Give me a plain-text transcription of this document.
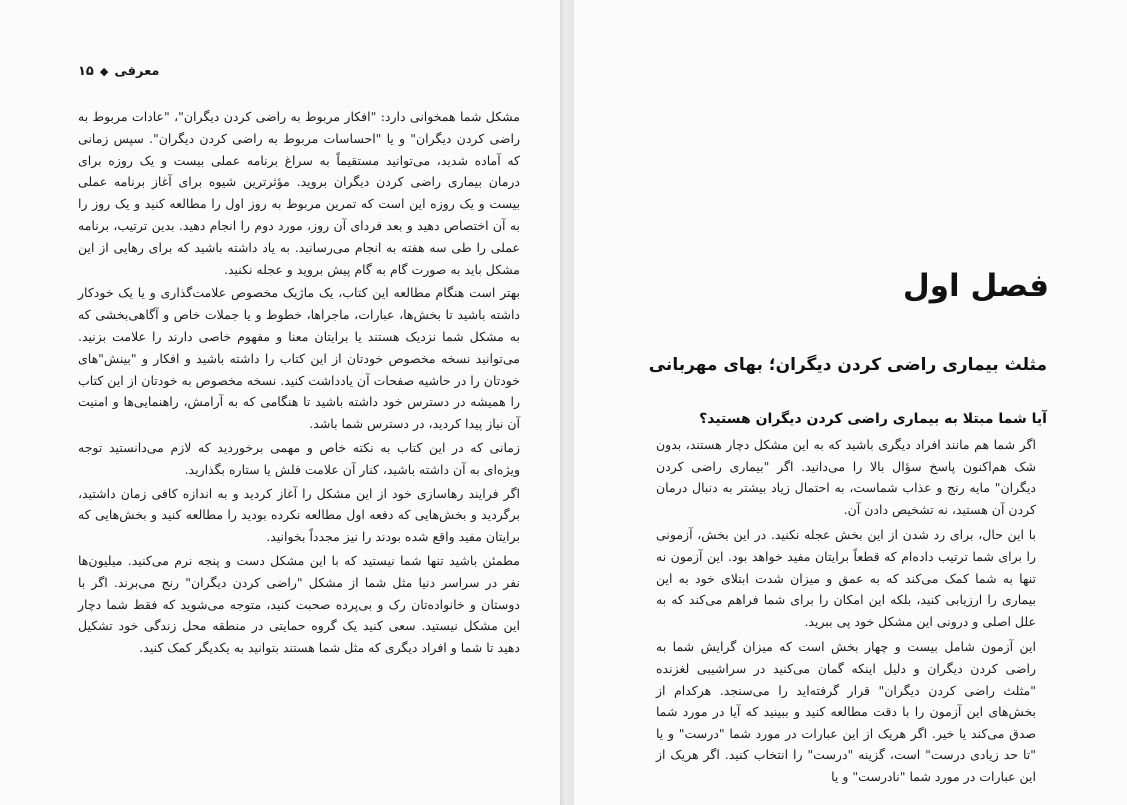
معرفی
◆
۱۵

مشکل شما همخوانی دارد: "افکار مربوط به راضی کردن دیگران"، "عادات مربوط به راضی کردن دیگران" و یا "احساسات مربوط به راضی کردن دیگران". سپس زمانی که آماده شدید، می‌توانید مستقیماً به سراغ برنامه عملی بیست و یک روزه برای درمان بیماری راضی کردن دیگران بروید. مؤثرترین شیوه برای آغاز برنامه عملی بیست و یک روزه این است که تمرین مربوط به روز اول را مطالعه کنید و یک روز را به آن اختصاص دهید و بعد فردای آن روز، مورد دوم را انجام دهید. بدین ترتیب، برنامه عملی را طی سه هفته به انجام می‌رسانید. به یاد داشته باشید که برای رهایی از این مشکل باید به صورت گام به گام پیش بروید و عجله نکنید.

بهتر است هنگام مطالعه این کتاب، یک ماژیک مخصوص علامت‌گذاری و یا یک خودکار داشته باشید تا بخش‌ها، عبارات، ماجراها، خطوط و یا جملات خاص و آگاهی‌بخشی که به مشکل شما نزدیک هستند یا برایتان معنا و مفهوم خاصی دارند را علامت بزنید. می‌توانید نسخه مخصوص خودتان از این کتاب را داشته باشید و افکار و "بینش"های خودتان را در حاشیه صفحات آن یادداشت کنید. نسخه مخصوص به خودتان از این کتاب را همیشه در دسترس خود داشته باشید تا هنگامی که به آرامش، راهنمایی‌ها و امنیت آن نیاز پیدا کردید، در دسترس شما باشد.

زمانی که در این کتاب به نکته خاص و مهمی برخوردید که لازم می‌دانستید توجه ویژه‌ای به آن داشته باشید، کنار آن علامت فلش یا ستاره بگذارید.

اگر فرایند رهاسازی خود از این مشکل را آغاز کردید و به اندازه کافی زمان داشتید، برگردید و بخش‌هایی که دفعه اول مطالعه نکرده بودید را مطالعه کنید و بخش‌هایی که برایتان مفید واقع شده بودند را نیز مجدداً بخوانید.

مطمئن باشید تنها شما نیستید که با این مشکل دست و پنجه نرم می‌کنید. میلیون‌ها نفر در سراسر دنیا مثل شما از مشکل "راضی کردن دیگران" رنج می‌برند. اگر با دوستان و خانواده‌تان رک و بی‌پرده صحبت کنید، متوجه می‌شوید که فقط شما دچار این مشکل نیستید. سعی کنید یک گروه حمایتی در منطقه محل زندگی خود تشکیل دهید تا شما و افراد دیگری که مثل شما هستند بتوانید به یکدیگر کمک کنید.

فصل اول
مثلث بیماری راضی کردن دیگران؛ بهای مهربانی
آیا شما مبتلا به بیماری راضی کردن دیگران هستید؟

اگر شما هم مانند افراد دیگری باشید که به این مشکل دچار هستند، بدون شک هم‌اکنون پاسخ سؤال بالا را می‌دانید. اگر "بیماری راضی کردن دیگران" مایه رنج و عذاب شماست، به احتمال زیاد بیشتر به دنبال درمان کردن آن هستید، نه تشخیص دادن آن.

با این حال، برای رد شدن از این بخش عجله نکنید. در این بخش، آزمونی را برای شما ترتیب داده‌ام که قطعاً برایتان مفید خواهد بود. این آزمون نه تنها به شما کمک می‌کند که به عمق و میزان شدت ابتلای خود به این بیماری را ارزیابی کنید، بلکه این امکان را برای شما فراهم می‌کند که به علل اصلی و درونی این مشکل خود پی ببرید.

این آزمون شامل بیست و چهار بخش است که میزان گرایش شما به راضی کردن دیگران و دلیل اینکه گمان می‌کنید در سراشیبی لغزنده "مثلث راضی کردن دیگران" قرار گرفته‌اید را می‌سنجد. هرکدام از بخش‌های این آزمون را با دقت مطالعه کنید و ببینید که آیا در مورد شما صدق می‌کند یا خیر. اگر هریک از این عبارات در مورد شما "درست" و یا "تا حد زیادی درست" است، گزینه "درست" را انتخاب کنید. اگر هریک از این عبارات در مورد شما "نادرست" و یا
